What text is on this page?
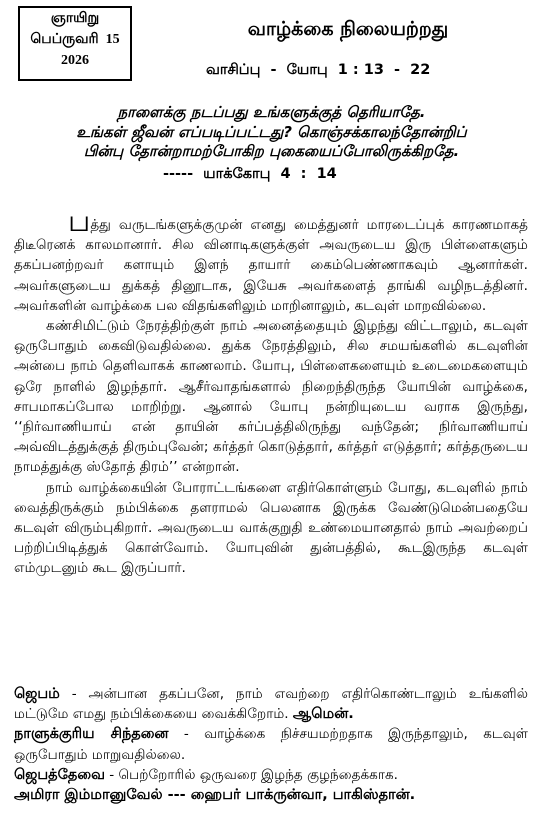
ஞாயிறு
பெப்ருவரி  15
2026
வாழ்க்கை நிலையற்றது
வாசிப்பு  -  யோபு  1 : 13  -  22
நாளைக்கு நடப்பது உங்களுக்குத் தெரியாதே.
உங்கள் ஜீவன் எப்படிப்பட்டது? கொஞ்சக்காலந்தோன்றிப்
பின்பு தோன்றாமற்போகிற புகையைப்போலிருக்கிறதே.
-----  யாக்கோபு  4  :  14

பத்து வருடங்களுக்குமுன் எனது மைத்துனர் மாரடைப்புக் காரணமாகத் திடீரெனக் காலமானார். சில வினாடிகளுக்குள் அவருடைய இரு பிள்ளைகளும் தகப்பனற்றவர் களாயும் இளந் தாயார் கைம்பெண்ணாகவும் ஆனார்கள். அவர்களுடைய துக்கத் தினூடாக, இயேசு அவர்களைத் தாங்கி வழிநடத்தினர். அவர்களின் வாழ்க்கை பல விதங்களிலும் மாறினாலும், கடவுள் மாறவில்லை.

கண்சிமிட்டும் நேரத்திற்குள் நாம் அனைத்தையும் இழந்து விட்டாலும், கடவுள் ஒருபோதும் கைவிடுவதில்லை. துக்க நேரத்திலும், சில சமயங்களில் கடவுளின் அன்பை நாம் தெளிவாகக் காணலாம். யோபு, பிள்ளைகளையும் உடைமைகளையும் ஒரே நாளில் இழந்தார். ஆசீர்வாதங்களால் நிறைந்திருந்த யோபின் வாழ்க்கை, சாபமாகப்போல மாறிற்று. ஆனால் யோபு நன்றியுடைய வராக இருந்து, ‘‘நிர்வாணியாய் என் தாயின் கர்ப்பத்திலிருந்து வந்தேன்; நிர்வாணியாய் அவ்விடத்துக்குத் திரும்புவேன்; கர்த்தர் கொடுத்தார், கர்த்தர் எடுத்தார்; கர்த்தருடைய நாமத்துக்கு ஸ்தோத் திரம்’’ என்றான்.

நாம் வாழ்க்கையின் போராட்டங்களை எதிர்கொள்ளும் போது, கடவுளில் நாம் வைத்திருக்கும் நம்பிக்கை தளராமல் பெலனாக இருக்க வேண்டுமென்பதையே கடவுள் விரும்புகிறார். அவருடைய வாக்குறுதி உண்மையானதால் நாம் அவற்றைப் பற்றிப்பிடித்துக் கொள்வோம். யோபுவின் துன்பத்தில், கூடஇருந்த கடவுள் எம்முடனும் கூட இருப்பார்.

ஜெபம் - அன்பான தகப்பனே, நாம் எவற்றை எதிர்கொண்டாலும் உங்களில் மட்டுமே எமது நம்பிக்கையை வைக்கிறோம். ஆமென்.

நாளுக்குரிய சிந்தனை - வாழ்க்கை நிச்சயமற்றதாக இருந்தாலும், கடவுள் ஒருபோதும் மாறுவதில்லை.

ஜெபத்தேவை - பெற்றோரில் ஒருவரை இழந்த குழந்தைக்காக.

அமிரா இம்மானுவேல் --- ஹைபர் பாக்ருன்வா, பாகிஸ்தான்.
